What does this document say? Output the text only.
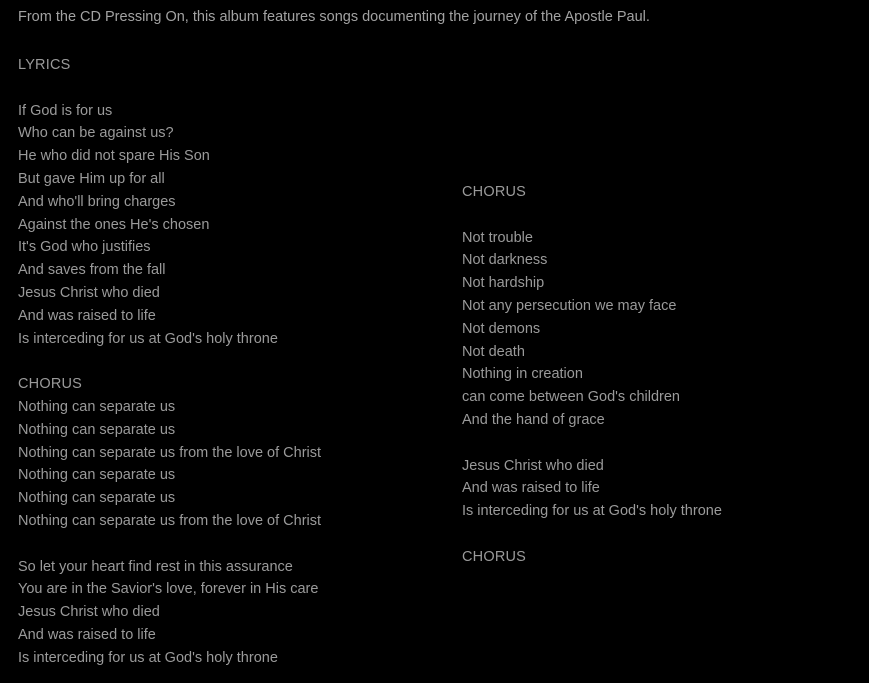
From the CD Pressing On, this album features songs documenting the journey of the Apostle Paul.
LYRICS
If God is for us
Who can be against us?
He who did not spare His Son
But gave Him up for all
And who'll bring charges
Against the ones He's chosen
It's God who justifies
And saves from the fall
Jesus Christ who died
And was raised to life
Is interceding for us at God's holy throne
CHORUS
Nothing can separate us
Nothing can separate us
Nothing can separate us from the love of Christ
Nothing can separate us
Nothing can separate us
Nothing can separate us from the love of Christ
So let your heart find rest in this assurance
You are in the Savior's love, forever in His care
Jesus Christ who died
And was raised to life
Is interceding for us at God's holy throne
CHORUS
Not trouble
Not darkness
Not hardship
Not any persecution we may face
Not demons
Not death
Nothing in creation
can come between God's children
And the hand of grace
Jesus Christ who died
And was raised to life
Is interceding for us at God's holy throne
CHORUS
